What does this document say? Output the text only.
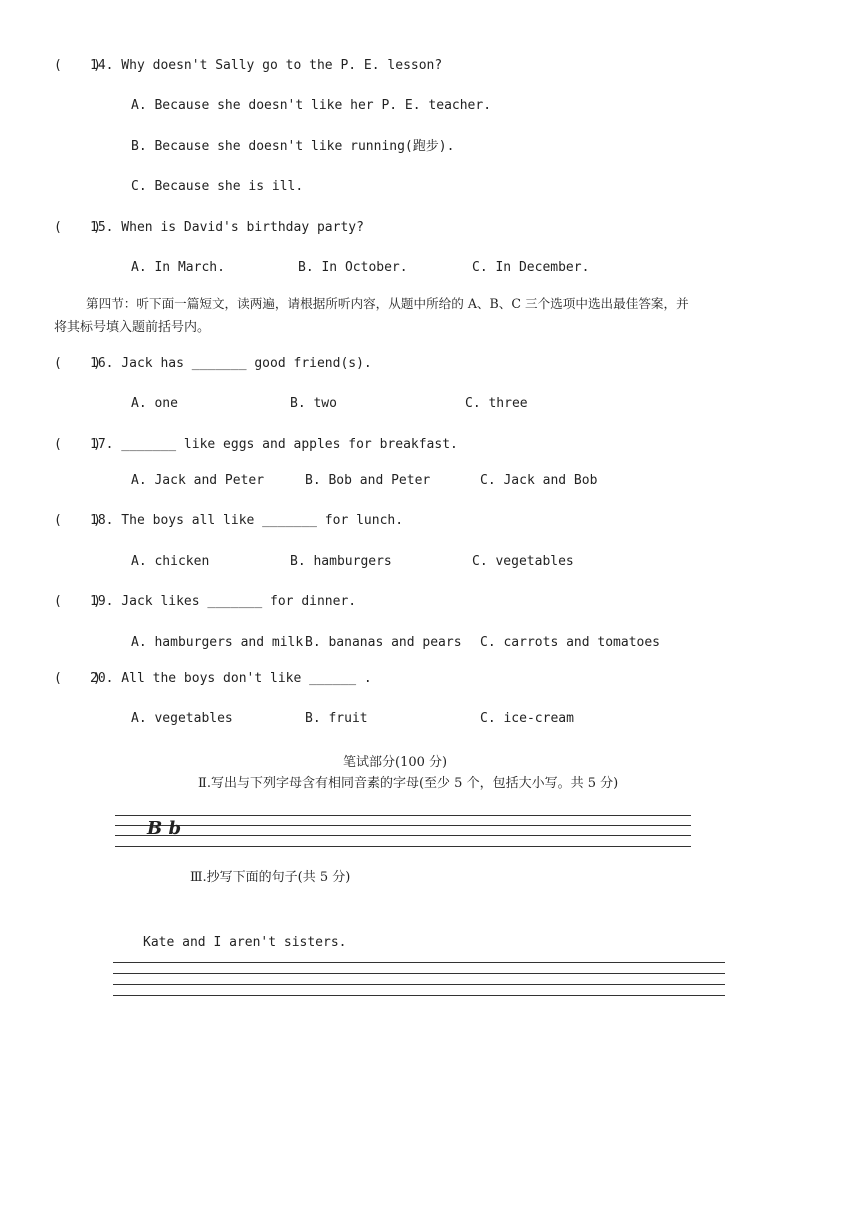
(    )
14. Why doesn't Sally go to the P. E. lesson?
A. Because she doesn't like her P. E. teacher.
B. Because she doesn't like running(跑步).
C. Because she is ill.
(    )
15. When is David's birthday party?
A. In March.	B. In October.	C. In December.
第四节：听下面一篇短文，读两遍，请根据所听内容，从题中所给的 A、B、C 三个选项中选出最佳答案，并
将其标号填入题前括号内。
(    )
16. Jack has _______ good friend(s).
A. one	B. two	C. three
(    )
17. _______ like eggs and apples for breakfast.
A. Jack and Peter	B. Bob and Peter	C. Jack and Bob
(    )
18. The boys all like _______ for lunch.
A. chicken	B. hamburgers	C. vegetables
(    )
19. Jack likes _______ for dinner.
A. hamburgers and milk B. bananas and pears C. carrots and tomatoes
(    )
20. All the boys don't like ______ .
A. vegetables	B. fruit	C. ice-cream
笔试部分(100 分)
Ⅱ.写出与下列字母含有相同音素的字母(至少 5 个，包括大小写。共 5 分)
B b
Ⅲ.抄写下面的句子(共 5 分)
Kate and I aren't sisters.
